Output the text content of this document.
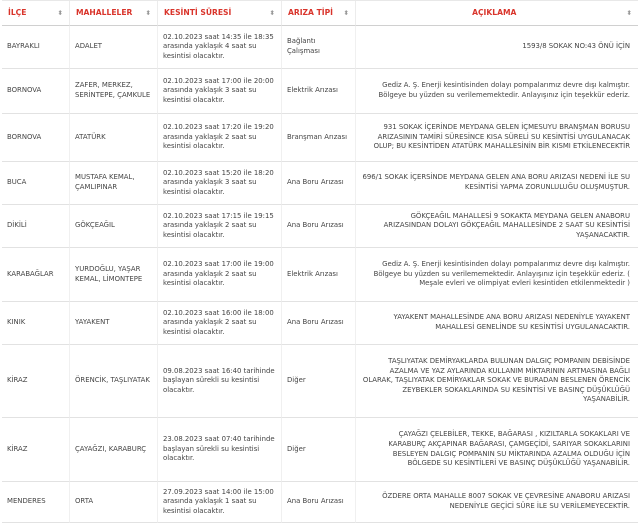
İLÇE ⬍	MAHALLELER ⬍	KESİNTİ SÜRESİ ⬍	ARIZA TİPİ ⬍	AÇIKLAMA ⬍

BAYRAKLI	ADALET	02.10.2023 saat 14:35 ile 18:35 arasında yaklaşık 4 saat su kesintisi olacaktır.	Bağlantı Çalışması	1593/8 SOKAK NO:43 ÖNÜ İÇİN
BORNOVA	ZAFER, MERKEZ, SERİNTEPE, ÇAMKULE	02.10.2023 saat 17:00 ile 20:00 arasında yaklaşık 3 saat su kesintisi olacaktır.	Elektrik Arızası	Gediz A. Ş. Enerji kesintisinden dolayı pompalarımız devre dışı kalmıştır. Bölgeye bu yüzden su verilememektedir. Anlayışınız için teşekkür ederiz.
BORNOVA	ATATÜRK	02.10.2023 saat 17:20 ile 19:20 arasında yaklaşık 2 saat su kesintisi olacaktır.	Branşman Arızası	931 SOKAK İÇERİNDE MEYDANA GELEN İÇMESUYU BRANŞMAN BORUSU ARIZASININ TAMİRİ SÜRESİNCE KISA SÜRELİ SU KESİNTİSİ UYGULANACAK OLUP; BU KESİNTİDEN ATATÜRK MAHALLESİNİN BİR KISMI ETKİLENECEKTİR
BUCA	MUSTAFA KEMAL, ÇAMLIPINAR	02.10.2023 saat 15:20 ile 18:20 arasında yaklaşık 3 saat su kesintisi olacaktır.	Ana Boru Arızası	696/1 SOKAK İÇERSİNDE MEYDANA GELEN ANA BORU ARIZASI NEDENİ İLE SU KESİNTİSİ YAPMA ZORUNLULUĞU OLUŞMUŞTUR.
DİKİLİ	GÖKÇEAĞIL	02.10.2023 saat 17:15 ile 19:15 arasında yaklaşık 2 saat su kesintisi olacaktır.	Ana Boru Arızası	GÖKÇEAĞIL MAHALLESİ 9 SOKAKTA MEYDANA GELEN ANABORU ARIZASINDAN DOLAYI GÖKÇEAĞIL MAHALLESİNDE 2 SAAT SU KESİNTİSİ YAŞANACAKTIR.
KARABAĞLAR	YURDOĞLU, YAŞAR KEMAL, LİMONTEPE	02.10.2023 saat 17:00 ile 19:00 arasında yaklaşık 2 saat su kesintisi olacaktır.	Elektrik Arızası	Gediz A. Ş. Enerji kesintisinden dolayı pompalarımız devre dışı kalmıştır. Bölgeye bu yüzden su verilememektedir. Anlayışınız için teşekkür ederiz. ( Meşale evleri ve olimpiyat evleri kesintiden etkilenmektedir )
KINIK	YAYAKENT	02.10.2023 saat 16:00 ile 18:00 arasında yaklaşık 2 saat su kesintisi olacaktır.	Ana Boru Arızası	YAYAKENT MAHALLESİNDE ANA BORU ARIZASI NEDENİYLE YAYAKENT MAHALLESİ GENELİNDE SU KESİNTİSİ UYGULANACAKTIR.
KİRAZ	ÖRENCİK, TAŞLIYATAK	09.08.2023 saat 16:40 tarihinde başlayan sürekli su kesintisi olacaktır.	Diğer	TAŞLIYATAK DEMİRYAKLARDA BULUNAN DALGIÇ POMPANIN DEBİSİNDE AZALMA VE YAZ AYLARINDA KULLANIM MİKTARININ ARTMASINA BAĞLI OLARAK, TAŞLIYATAK DEMİRYAKLAR SOKAK VE BURADAN BESLENEN ÖRENCİK ZEYBEKLER SOKAKLARINDA SU KESİNTİSİ VE BASINÇ DÜŞÜKLÜĞÜ YAŞANABİLİR.
KİRAZ	ÇAYAĞZI, KARABURÇ	23.08.2023 saat 07:40 tarihinde başlayan sürekli su kesintisi olacaktır.	Diğer	ÇAYAĞZI ÇELEBİLER, TEKKE, BAĞARASI , KIZILTARLA SOKAKLARI VE KARABURÇ AKÇAPINAR BAĞARASI, ÇAMGEÇİDİ, SARIYAR SOKAKLARINI BESLEYEN DALGIÇ POMPANIN SU MİKTARINDA AZALMA OLDUĞU İÇİN BÖLGEDE SU KESİNTİLERİ VE BASINÇ DÜŞÜKLÜĞÜ YAŞANABİLİR.
MENDERES	ORTA	27.09.2023 saat 14:00 ile 15:00 arasında yaklaşık 1 saat su kesintisi olacaktır.	Ana Boru Arızası	ÖZDERE ORTA MAHALLE 8007 SOKAK VE ÇEVRESİNE ANABORU ARIZASI NEDENİYLE GEÇİCİ SÜRE İLE SU VERİLEMEYECEKTİR.
